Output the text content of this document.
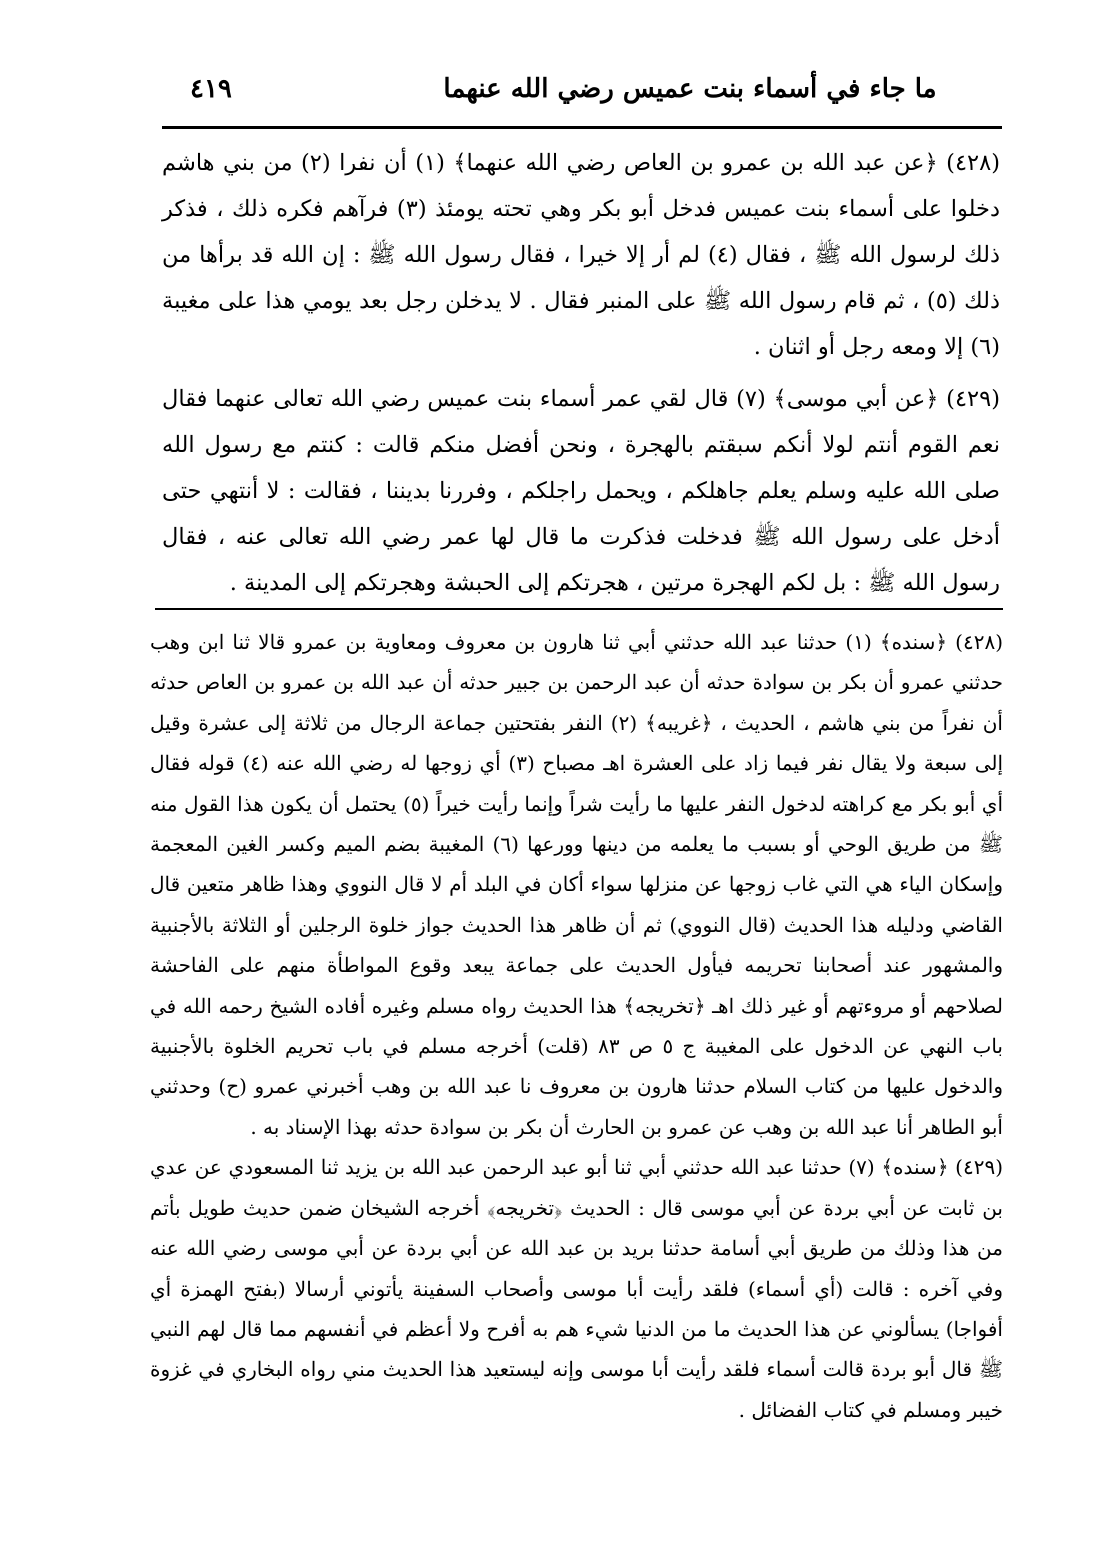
ما جاء في أسماء بنت عميس رضي الله عنهما
٤١٩

(٤٢٨) ﴿عن عبد الله بن عمرو بن العاص رضي الله عنهما﴾ (١) أن نفرا (٢) من بني هاشم دخلوا على أسماء بنت عميس فدخل أبو بكر وهي تحته يومئذ (٣) فرآهم فكره ذلك ، فذكر ذلك لرسول الله ﷺ ، فقال (٤) لم أر إلا خيرا ، فقال رسول الله ﷺ : إن الله قد برأها من ذلك (٥) ، ثم قام رسول الله ﷺ على المنبر فقال . لا يدخلن رجل بعد يومي هذا على مغيبة (٦) إلا ومعه رجل أو اثنان .

(٤٢٩) ﴿عن أبي موسى﴾ (٧) قال لقي عمر أسماء بنت عميس رضي الله تعالى عنهما فقال نعم القوم أنتم لولا أنكم سبقتم بالهجرة ، ونحن أفضل منكم قالت : كنتم مع رسول الله صلى الله عليه وسلم يعلم جاهلكم ، ويحمل راجلكم ، وفررنا بديننا ، فقالت : لا أنتهي حتى أدخل على رسول الله ﷺ فدخلت فذكرت ما قال لها عمر رضي الله تعالى عنه ، فقال رسول الله ﷺ : بل لكم الهجرة مرتين ، هجرتكم إلى الحبشة وهجرتكم إلى المدينة .

(٤٢٨) ﴿سنده﴾ (١) حدثنا عبد الله حدثني أبي ثنا هارون بن معروف ومعاوية بن عمرو قالا ثنا ابن وهب حدثني عمرو أن بكر بن سوادة حدثه أن عبد الرحمن بن جبير حدثه أن عبد الله بن عمرو بن العاص حدثه أن نفراً من بني هاشم ، الحديث ، ﴿غريبه﴾ (٢) النفر بفتحتين جماعة الرجال من ثلاثة إلى عشرة وقيل إلى سبعة ولا يقال نفر فيما زاد على العشرة اهـ مصباح (٣) أي زوجها له رضي الله عنه (٤) قوله فقال أي أبو بكر مع كراهته لدخول النفر عليها ما رأيت شراً وإنما رأيت خيراً (٥) يحتمل أن يكون هذا القول منه ﷺ من طريق الوحي أو بسبب ما يعلمه من دينها وورعها (٦) المغيبة بضم الميم وكسر الغين المعجمة وإسكان الياء هي التي غاب زوجها عن منزلها سواء أكان في البلد أم لا قال النووي وهذا ظاهر متعين قال القاضي ودليله هذا الحديث (قال النووي) ثم أن ظاهر هذا الحديث جواز خلوة الرجلين أو الثلاثة بالأجنبية والمشهور عند أصحابنا تحريمه فيأول الحديث على جماعة يبعد وقوع المواطأة منهم على الفاحشة لصلاحهم أو مروءتهم أو غير ذلك اهـ ﴿تخريجه﴾ هذا الحديث رواه مسلم وغيره أفاده الشيخ رحمه الله في باب النهي عن الدخول على المغيبة ج ٥ ص ٨٣ (قلت) أخرجه مسلم في باب تحريم الخلوة بالأجنبية والدخول عليها من كتاب السلام حدثنا هارون بن معروف نا عبد الله بن وهب أخبرني عمرو (ح) وحدثني أبو الطاهر أنا عبد الله بن وهب عن عمرو بن الحارث أن بكر بن سوادة حدثه بهذا الإسناد به .

(٤٢٩) ﴿سنده﴾ (٧) حدثنا عبد الله حدثني أبي ثنا أبو عبد الرحمن عبد الله بن يزيد ثنا المسعودي عن عدي بن ثابت عن أبي بردة عن أبي موسى قال : الحديث ﴿تخريجه﴾ أخرجه الشيخان ضمن حديث طويل بأتم من هذا وذلك من طريق أبي أسامة حدثنا بريد بن عبد الله عن أبي بردة عن أبي موسى رضي الله عنه وفي آخره : قالت (أي أسماء) فلقد رأيت أبا موسى وأصحاب السفينة يأتوني أرسالا (بفتح الهمزة أي أفواجا) يسألوني عن هذا الحديث ما من الدنيا شيء هم به أفرح ولا أعظم في أنفسهم مما قال لهم النبي ﷺ قال أبو بردة قالت أسماء فلقد رأيت أبا موسى وإنه ليستعيد هذا الحديث مني رواه البخاري في غزوة خيبر ومسلم في كتاب الفضائل .
